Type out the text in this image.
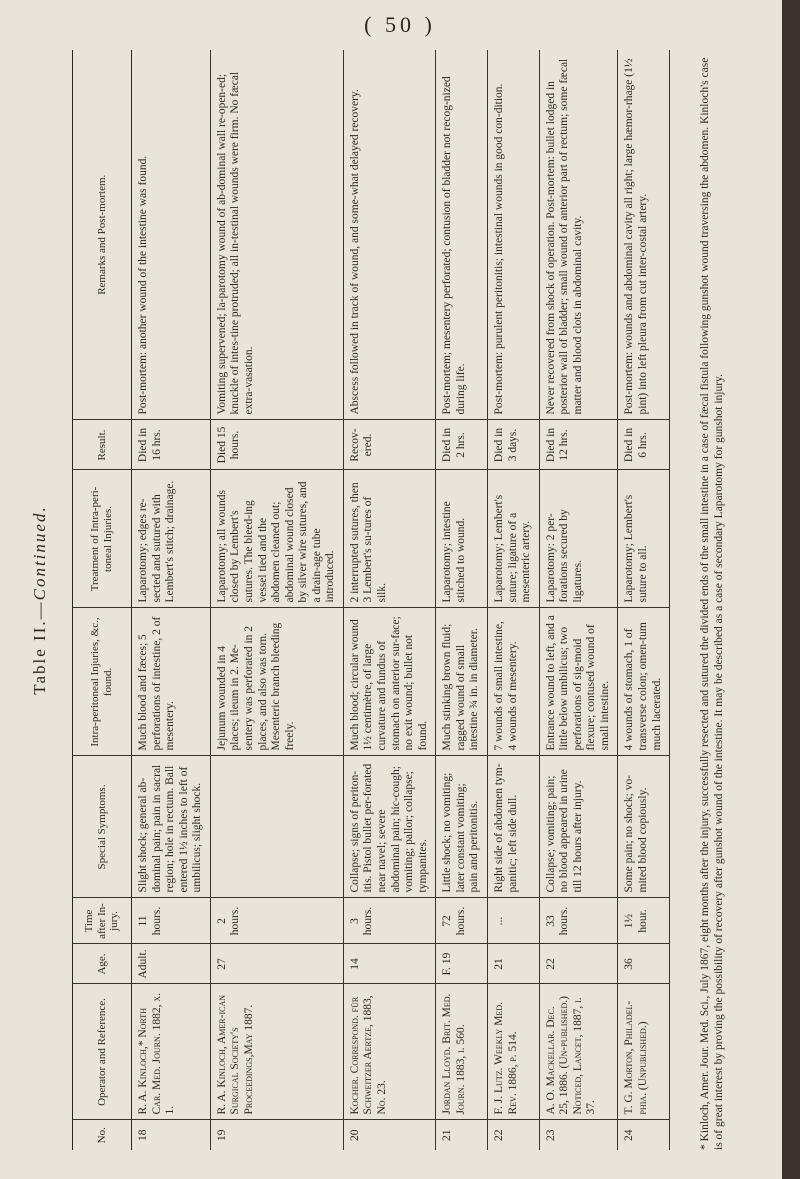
( 50 )
Table II.—Continued.
No.	Operator and Reference.	Age.	Time after In-jury.	Special Symptoms.	Intra-peritoneal Injuries, &c., found.	Treatment of Intra-peri-toneal Injuries.	Result.	Remarks and Post-mortem.
18	R. A. Kinloch,* North Car. Med. Journ. 1882, x. 1.	Adult.	11 hours.	Slight shock; general ab-dominal pain; pain in sacral region; hole in rectum. Ball entered 1½ inches to left of umbilicus; slight shock.	Much blood and fæces; 5 perforations of intestine, 2 of mesentery.	Laparotomy; edges re-sected and sutured with Lembert's stitch; drainage.	Died in 16 hrs.	Post-mortem: another wound of the intestine was found.
19	R. A. Kinloch, Amer-ican Surgical Society's Proceedings,May 1887.	27	2 hours.		Jejunum wounded in 4 places; ileum in 2. Me-sentery was perforated in 2 places, and also was torn. Mesenteric branch bleeding freely.	Laparotomy; all wounds closed by Lembert's sutures. The bleed-ing vessel tied and the abdomen cleaned out; abdominal wound closed by silver wire sutures, and a drain-age tube introduced.	Died 15 hours.	Vomiting supervened; la-parotomy wound of ab-dominal wall re-open-ed; knuckle of intes-tine protruded; all in-testinal wounds were firm. No fæcal extra-vasation.
20	Kocher. Correspond. für Schweitzer Aertze, 1883, No. 23.	14	3 hours.	Collapse; signs of periton-itis. Pistol bullet per-forated near navel; severe abdominal pain; hic-cough; vomiting; pallor; collapse; tympanites.	Much blood; circular wound 1½ centimètre, of large curvature and fundus of stomach on anterior sur-face; no exit wound; bullet not found.	2 interrupted sutures, then 3 Lembert's su-tures of silk.	Recov-ered.	Abscess followed in track of wound, and some-what delayed recovery.
21	Jordan Lloyd. Brit. Med. Journ. 1883, i. 560.	F. 19	72 hours.	Little shock; no vomiting; later constant vomiting; pain and peritonitis.	Much stinking brown fluid; ragged wound of small intestine ¾ in. in diameter.	Laparotomy; intestine stitched to wound.	Died in 2 hrs.	Post-mortem; mesentery perforated; contusion of bladder not recog-nized during life.
22	F. J. Lutz. Weekly Med. Rev. 1886, p. 514.	21	...	Right side of abdomen tym-panitic; left side dull.	7 wounds of small intestine, 4 wounds of mesentery.	Laparotomy; Lembert's suture; ligature of a mesenteric artery.	Died in 3 days.	Post-mortem: purulent peritonitis; intestinal wounds in good con-dition.
23	A. O. Mackellar. Dec. 25, 1886. (Un-published.) Noticed, Lancet, 1887, i. 37.	22	33 hours.	Collapse; vomiting; pain; no blood appeared in urine till 12 hours after injury.	Entrance wound to left, and a little below umbilicus; two perforations of sig-moid flexure; contused wound of small intestine.	Laparotomy: 2 per-forations secured by ligatures.	Died in 12 hrs.	Never recovered from shock of operation. Post-mortem: bullet lodged in posterior wall of bladder; small wound of anterior part of rectum; some fæcal matter and blood clots in abdominal cavity.
24	T. G. Morton, Philadel-phia. (Unpublished.)	36	1½ hour.	Some pain; no shock; vo-mited blood copiously.	4 wounds of stomach, 1 of transverse colon; omen-tum much lacerated.	Laparotomy; Lembert's suture to all.	Died in 6 hrs.	Post-mortem: wounds and abdominal cavity all right; large hæmor-rhage (1½ pint) into left pleura from cut inter-costal artery.	* Kinloch, Amer. Jour. Med. Sci., July 1867, eight months after the injury, successfully resected and sutured the divided ends of the small intestine in a case of fæcal fistula following gunshot wound traversing the abdomen. Kinloch's case is of great interest by proving the possibility of recovery after gunshot wound of the intestine. It may be described as a case of secondary Laparotomy for gunshot injury.
